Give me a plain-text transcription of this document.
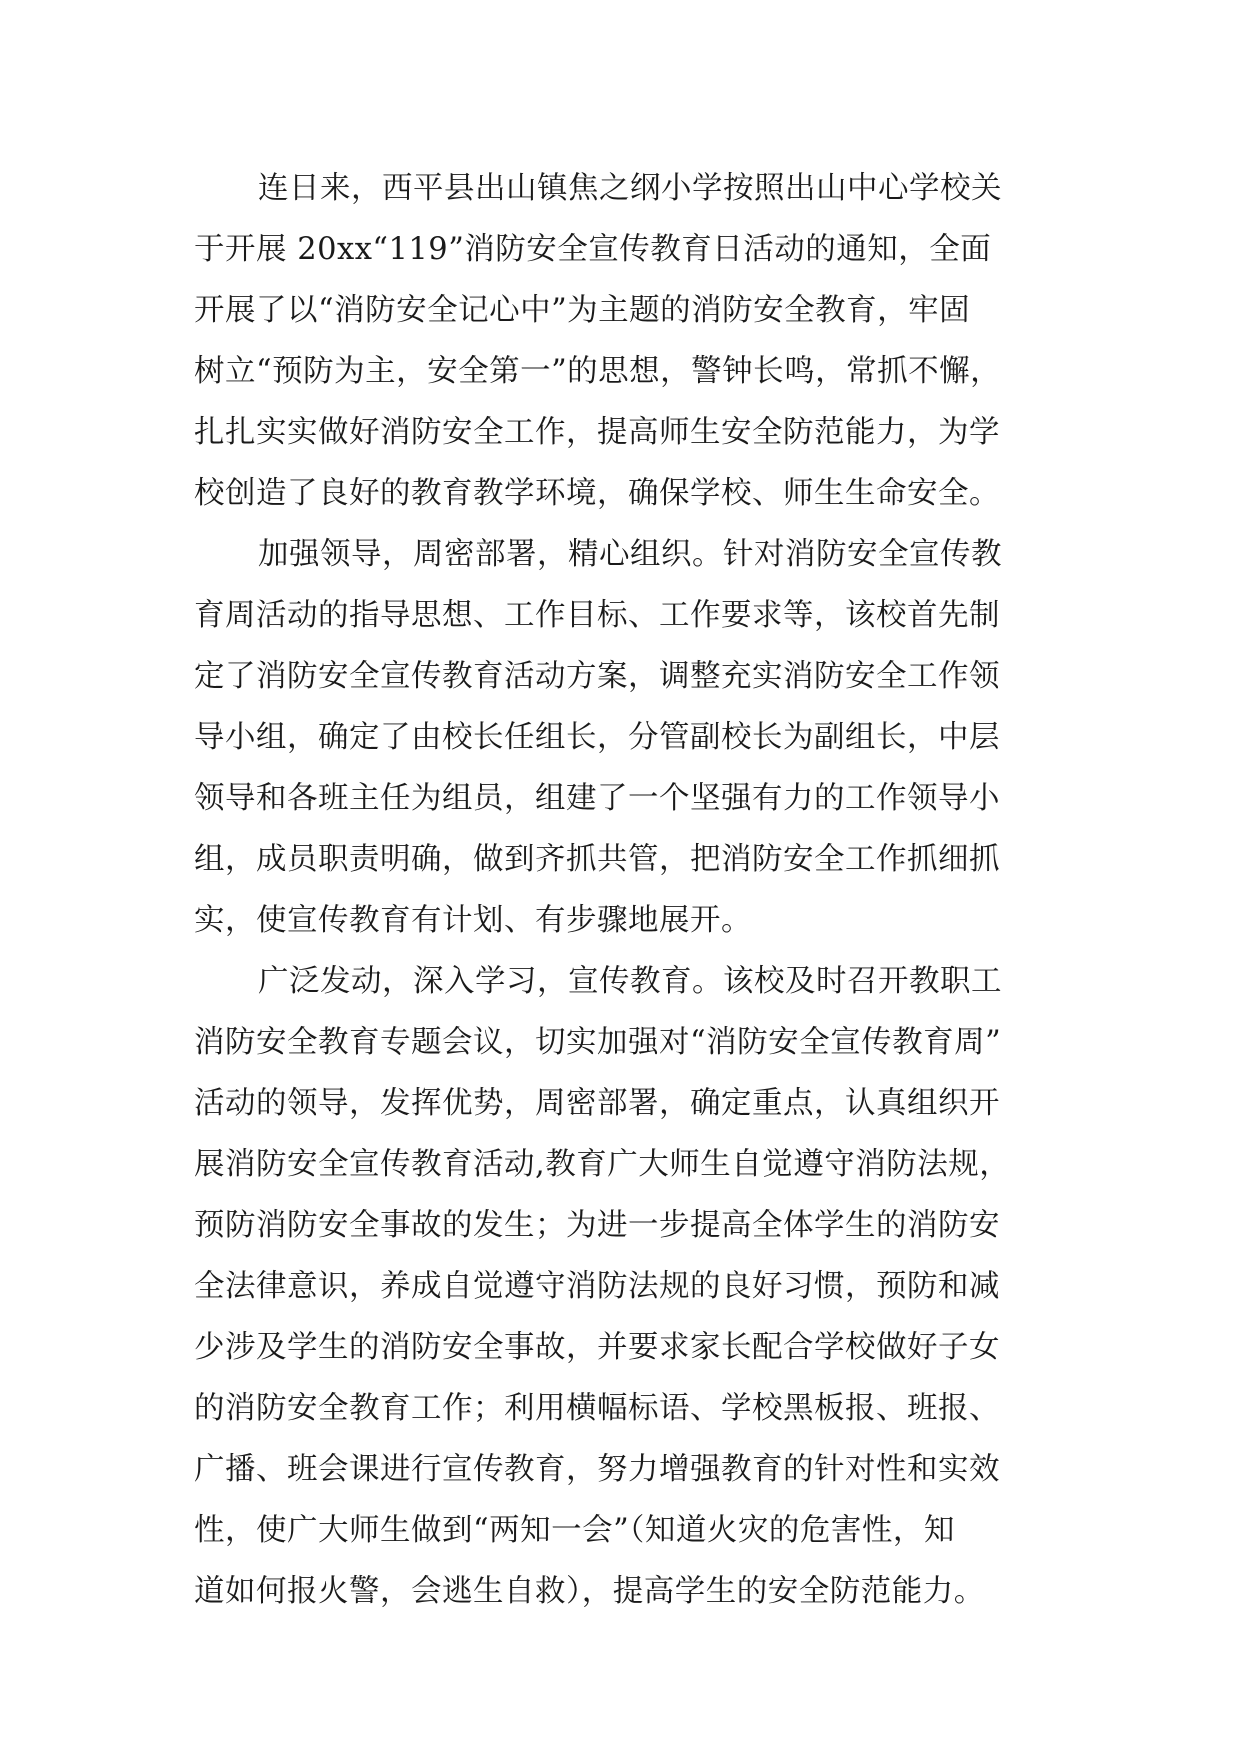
连日来，西平县出山镇焦之纲小学按照出山中心学校关
于开展 20xx“119”消防安全宣传教育日活动的通知，全面
开展了以“消防安全记心中”为主题的消防安全教育，牢固
树立“预防为主，安全第一”的思想，警钟长鸣，常抓不懈，
扎扎实实做好消防安全工作，提高师生安全防范能力，为学
校创造了良好的教育教学环境，确保学校、师生生命安全。
加强领导，周密部署，精心组织。针对消防安全宣传教
育周活动的指导思想、工作目标、工作要求等，该校首先制
定了消防安全宣传教育活动方案，调整充实消防安全工作领
导小组，确定了由校长任组长，分管副校长为副组长，中层
领导和各班主任为组员，组建了一个坚强有力的工作领导小
组，成员职责明确，做到齐抓共管，把消防安全工作抓细抓
实，使宣传教育有计划、有步骤地展开。
广泛发动，深入学习，宣传教育。该校及时召开教职工
消防安全教育专题会议，切实加强对“消防安全宣传教育周”
活动的领导，发挥优势，周密部署，确定重点，认真组织开
展消防安全宣传教育活动,教育广大师生自觉遵守消防法规，
预防消防安全事故的发生；为进一步提高全体学生的消防安
全法律意识，养成自觉遵守消防法规的良好习惯，预防和减
少涉及学生的消防安全事故，并要求家长配合学校做好子女
的消防安全教育工作；利用横幅标语、学校黑板报、班报、
广播、班会课进行宣传教育，努力增强教育的针对性和实效
性，使广大师生做到“两知一会”（知道火灾的危害性，知
道如何报火警，会逃生自救），提高学生的安全防范能力。
